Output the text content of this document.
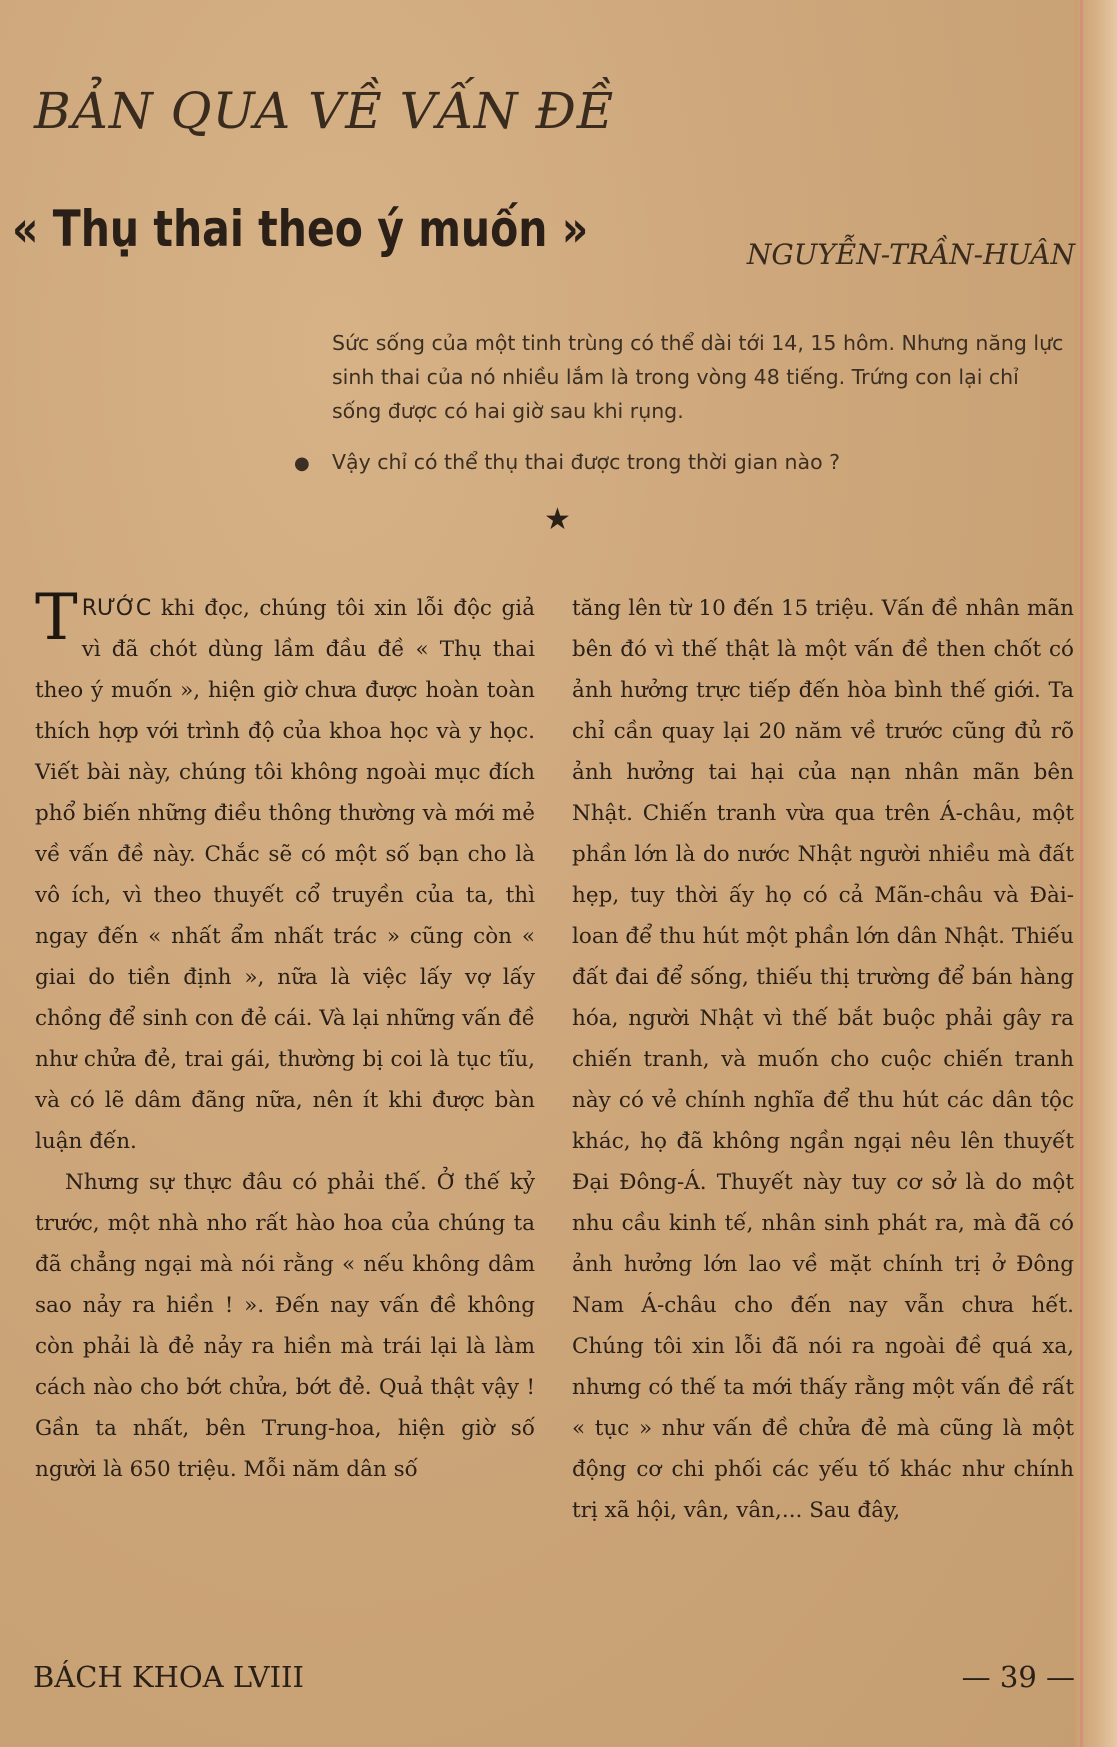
BẢN QUA VỀ VẤN ĐỀ
« Thụ thai theo ý muốn »	NGUYỄN-TRẦN-HUÂN
Sức sống của một tinh trùng có thể dài tới 14, 15 hôm. Nhưng năng lực sinh thai của nó nhiều lắm là trong vòng 48 tiếng. Trứng con lại chỉ sống được có hai giờ sau khi rụng.
● Vậy chỉ có thể thụ thai được trong thời gian nào ?
★

TRƯỚC khi đọc, chúng tôi xin lỗi độc giả vì đã chót dùng lầm đầu đề « Thụ thai theo ý muốn », hiện giờ chưa được hoàn toàn thích hợp với trình độ của khoa học và y học. Viết bài này, chúng tôi không ngoài mục đích phổ biến những điều thông thường và mới mẻ về vấn đề này. Chắc sẽ có một số bạn cho là vô ích, vì theo thuyết cổ truyền của ta, thì ngay đến « nhất ẩm nhất trác » cũng còn « giai do tiền định », nữa là việc lấy vợ lấy chồng để sinh con đẻ cái. Và lại những vấn đề như chửa đẻ, trai gái, thường bị coi là tục tĩu, và có lẽ dâm đãng nữa, nên ít khi được bàn luận đến.

Nhưng sự thực đâu có phải thế. Ở thế kỷ trước, một nhà nho rất hào hoa của chúng ta đã chẳng ngại mà nói rằng « nếu không dâm sao nảy ra hiền ! ». Đến nay vấn đề không còn phải là đẻ nảy ra hiền mà trái lại là làm cách nào cho bớt chửa, bớt đẻ. Quả thật vậy ! Gần ta nhất, bên Trung-hoa, hiện giờ số người là 650 triệu. Mỗi năm dân số

tăng lên từ 10 đến 15 triệu. Vấn đề nhân mãn bên đó vì thế thật là một vấn đề then chốt có ảnh hưởng trực tiếp đến hòa bình thế giới. Ta chỉ cần quay lại 20 năm về trước cũng đủ rõ ảnh hưởng tai hại của nạn nhân mãn bên Nhật. Chiến tranh vừa qua trên Á-châu, một phần lớn là do nước Nhật người nhiều mà đất hẹp, tuy thời ấy họ có cả Mãn-châu và Đài-loan để thu hút một phần lớn dân Nhật. Thiếu đất đai để sống, thiếu thị trường để bán hàng hóa, người Nhật vì thế bắt buộc phải gây ra chiến tranh, và muốn cho cuộc chiến tranh này có vẻ chính nghĩa để thu hút các dân tộc khác, họ đã không ngần ngại nêu lên thuyết Đại Đông-Á. Thuyết này tuy cơ sở là do một nhu cầu kinh tế, nhân sinh phát ra, mà đã có ảnh hưởng lớn lao về mặt chính trị ở Đông Nam Á-châu cho đến nay vẫn chưa hết. Chúng tôi xin lỗi đã nói ra ngoài đề quá xa, nhưng có thế ta mới thấy rằng một vấn đề rất « tục » như vấn đề chửa đẻ mà cũng là một động cơ chi phối các yếu tố khác như chính trị xã hội, vân, vân,... Sau đây,

BÁCH KHOA LVIII	— 39 —
